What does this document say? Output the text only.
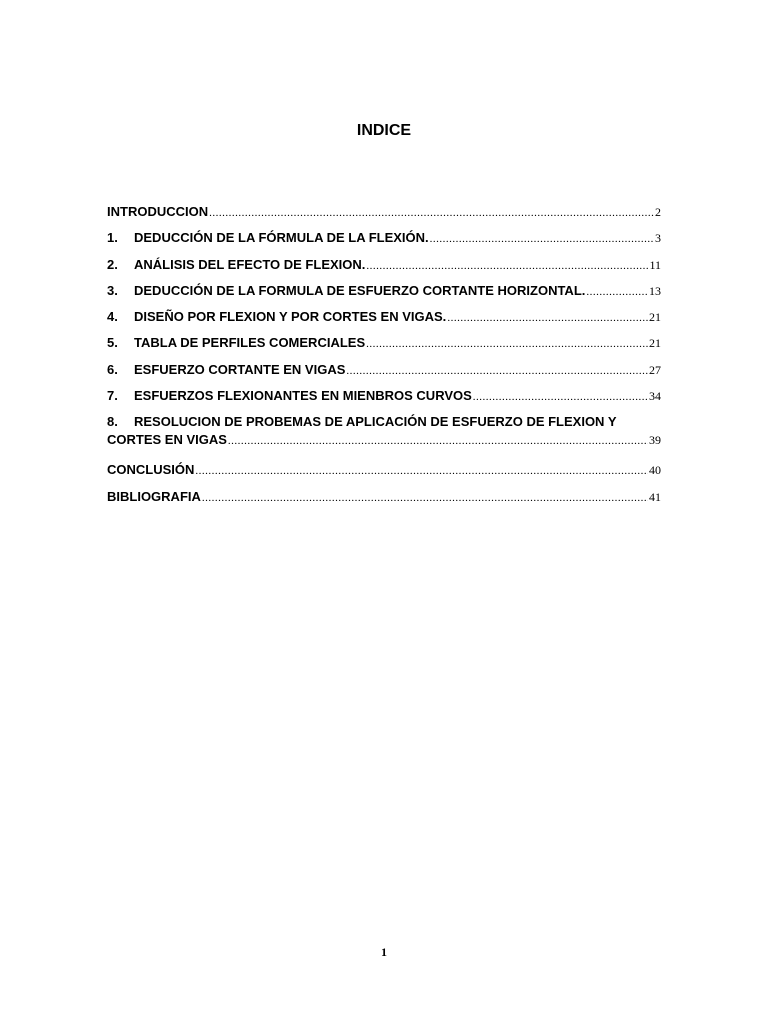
INDICE
INTRODUCCION .....	2
1.	DEDUCCIÓN DE LA FÓRMULA DE LA FLEXIÓN. .....	3
2.	ANÁLISIS DEL EFECTO DE FLEXION. .....	11
3.	DEDUCCIÓN DE LA FORMULA DE ESFUERZO CORTANTE HORIZONTAL. .....	13
4.	DISEÑO POR FLEXION Y POR CORTES EN VIGAS. .....	21
5.	TABLA DE PERFILES COMERCIALES .....	21
6.	ESFUERZO CORTANTE EN VIGAS .....	27
7.	ESFUERZOS FLEXIONANTES EN MIENBROS CURVOS .....	34
8.	RESOLUCION DE PROBEMAS DE APLICACIÓN DE ESFUERZO DE FLEXION Y
CORTES EN VIGAS .....	39
CONCLUSIÓN .....	40
BIBLIOGRAFIA .....	41
1
